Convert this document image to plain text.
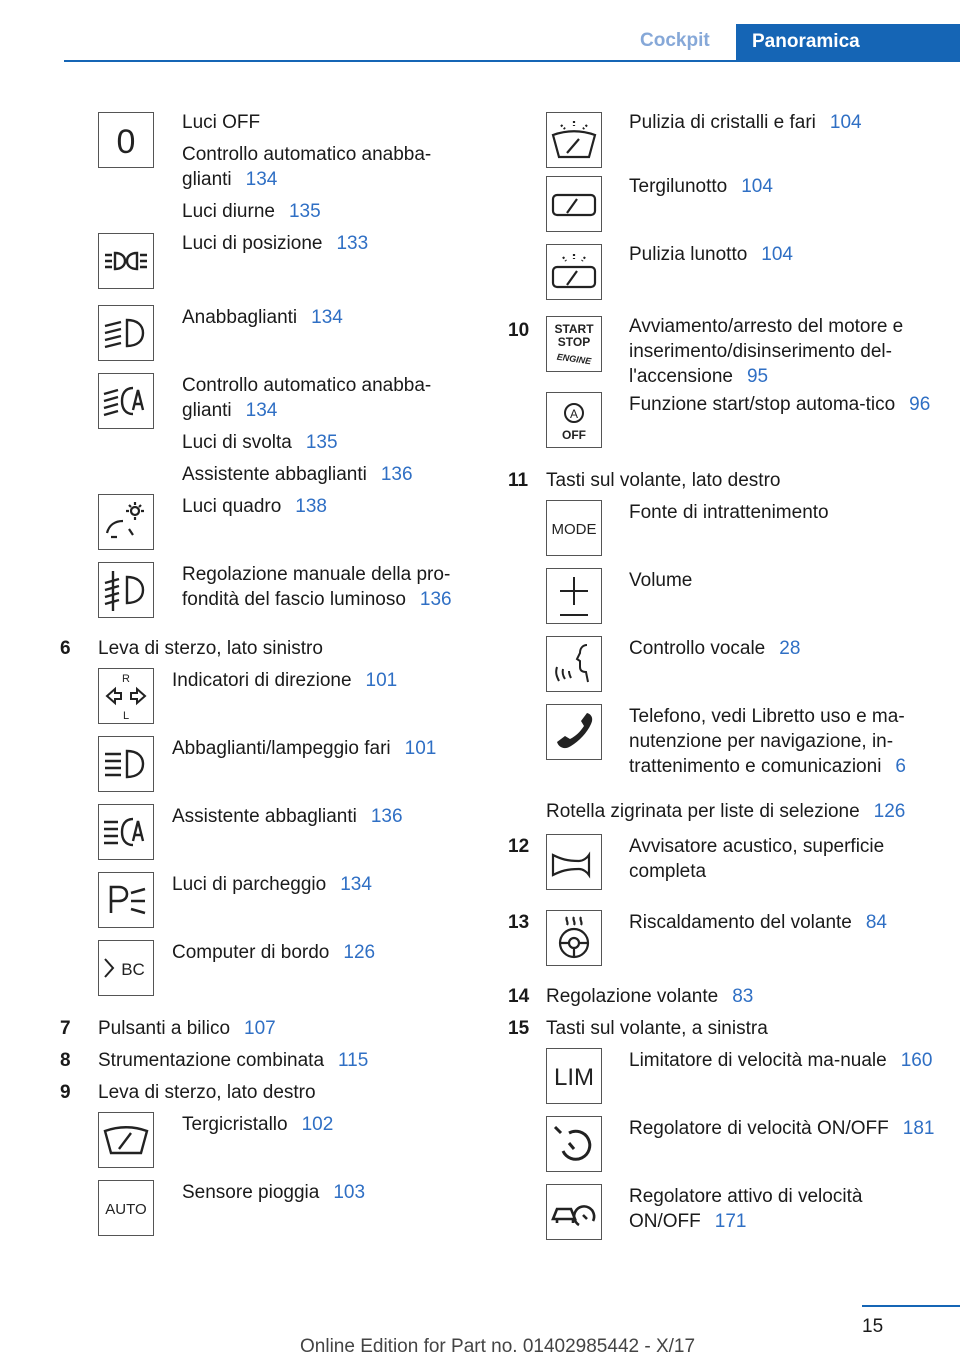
Cockpit	Panoramica
0

Luci OFF

Controllo automatico anabba-glianti 134

Luci diurne 135

Luci di posizione 133
Anabbaglianti 134

Controllo automatico anabba-glianti 134

Luci di svolta 135

Assistente abbaglianti 136

Luci quadro 138
Regolazione manuale della pro-fondità del fascio luminoso 136
6 Leva di sterzo, lato sinistro
R
L
Indicatori di direzione 101
Abbaglianti/lampeggio fari 101
Assistente abbaglianti 136
Luci di parcheggio 134
BC
Computer di bordo 126
7 Pulsanti a bilico 107
8 Strumentazione combinata 115
9 Leva di sterzo, lato destro
Tergicristallo 102
AUTO
Sensore pioggia 103
Pulizia di cristalli e fari 104
Tergilunotto 104
Pulizia lunotto 104
10 START
STOP
ENGINE
Avviamento/arresto del motore e inserimento/disinserimento del-l'accensione 95
A
OFF
Funzione start/stop automa-tico 96
11 Tasti sul volante, lato destro
MODE
Fonte di intrattenimento
Volume
Controllo vocale 28
Telefono, vedi Libretto uso e ma-nutenzione per navigazione, in-trattenimento e comunicazioni 6
Rotella zigrinata per liste di selezione 126
12	Avvisatore acustico, superficie completa
13	Riscaldamento del volante 84
14 Regolazione volante 83
15 Tasti sul volante, a sinistra
LIM
Limitatore di velocità ma-nuale 160
Regolatore di velocità ON/OFF 181
Regolatore attivo di velocità ON/OFF 171
15
Online Edition for Part no. 01402985442 - X/17
